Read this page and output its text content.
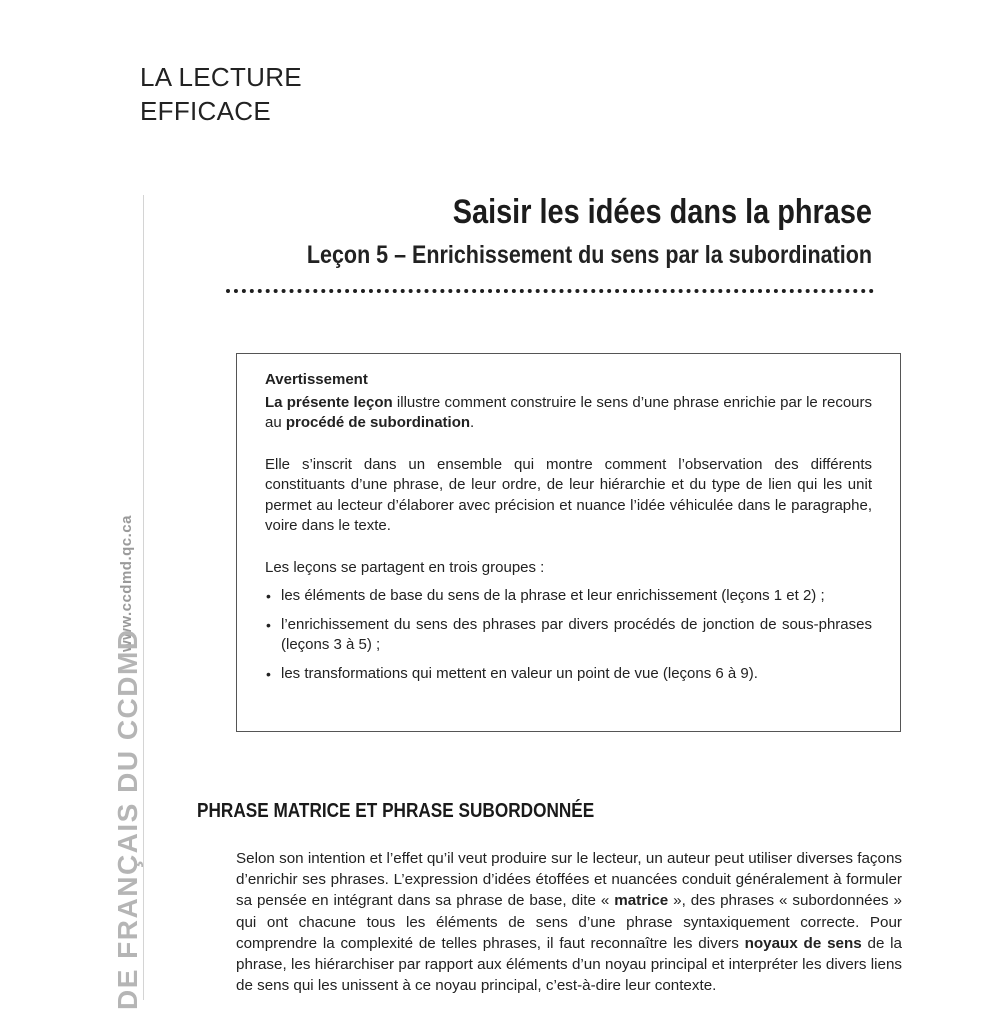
LA LECTURE
EFFICACE
www.ccdmd.qc.ca
DE FRANÇAIS DU CCDMD
Saisir les idées dans la phrase
Leçon 5 – Enrichissement du sens par la subordination

Avertissement

La présente leçon illustre comment construire le sens d’une phrase enrichie par le recours au procédé de subordination.

Elle s’inscrit dans un ensemble qui montre comment l’observation des différents constituants d’une phrase, de leur ordre, de leur hiérarchie et du type de lien qui les unit permet au lecteur d’élaborer avec précision et nuance l’idée véhiculée dans le paragraphe, voire dans le texte.

Les leçons se partagent en trois groupes :

• les éléments de base du sens de la phrase et leur enrichissement (leçons 1 et 2) ;
• l’enrichissement du sens des phrases par divers procédés de jonction de sous-phrases (leçons 3 à 5) ;
• les transformations qui mettent en valeur un point de vue (leçons 6 à 9).
PHRASE MATRICE ET PHRASE SUBORDONNÉE

Selon son intention et l’effet qu’il veut produire sur le lecteur, un auteur peut utiliser diverses façons d’enrichir ses phrases. L’expression d’idées étoffées et nuancées conduit généralement à formuler sa pensée en intégrant dans sa phrase de base, dite « matrice », des phrases « subordonnées » qui ont chacune tous les éléments de sens d’une phrase syntaxiquement correcte. Pour comprendre la complexité de telles phrases, il faut reconnaître les divers noyaux de sens de la phrase, les hiérarchiser par rapport aux éléments d’un noyau principal et interpréter les divers liens de sens qui les unissent à ce noyau principal, c’est-à-dire leur contexte.
